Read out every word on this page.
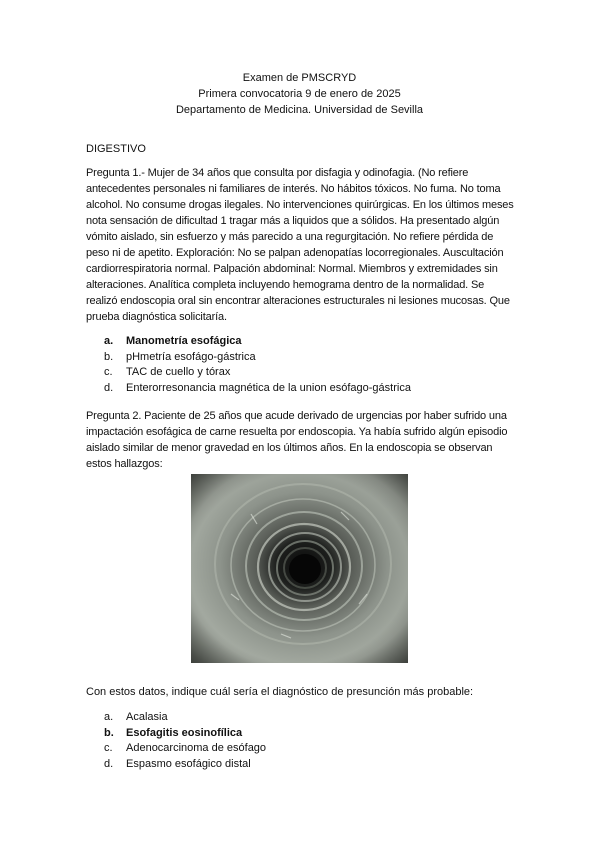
Examen de PMSCRYD
Primera convocatoria 9 de enero de 2025
Departamento de Medicina. Universidad de Sevilla
DIGESTIVO
Pregunta 1.- Mujer de 34 años que consulta por disfagia y odinofagia. (No refiere antecedentes personales ni familiares de interés. No hábitos tóxicos. No fuma. No toma alcohol. No consume drogas ilegales. No intervenciones quirúrgicas. En los últimos meses nota sensación de dificultad 1 tragar más a liquidos que a sólidos. Ha presentado algún vómito aislado, sin esfuerzo y más parecido a una regurgitación. No refiere pérdida de peso ni de apetito. Exploración: No se palpan adenopatías locorregionales. Auscultación cardiorrespiratoria normal. Palpación abdominal: Normal. Miembros y extremidades sin alteraciones. Analítica completa incluyendo hemograma dentro de la normalidad. Se realizó endoscopia oral sin encontrar alteraciones estructurales ni lesiones mucosas. Que prueba diagnóstica solicitaría.
a. Manometría esofágica
b. pHmetría esofágo-gástrica
c. TAC de cuello y tórax
d. Enterorresonancia magnética de la union esófago-gástrica
Pregunta 2. Paciente de 25 años que acude derivado de urgencias por haber sufrido una impactación esofágica de carne resuelta por endoscopia. Ya había sufrido algún episodio aislado similar de menor gravedad en los últimos años. En la endoscopia se observan estos hallazgos:
Con estos datos, indique cuál sería el diagnóstico de presunción más probable:
a. Acalasia
b. Esofagitis eosinofílica
c. Adenocarcinoma de esófago
d. Espasmo esofágico distal
